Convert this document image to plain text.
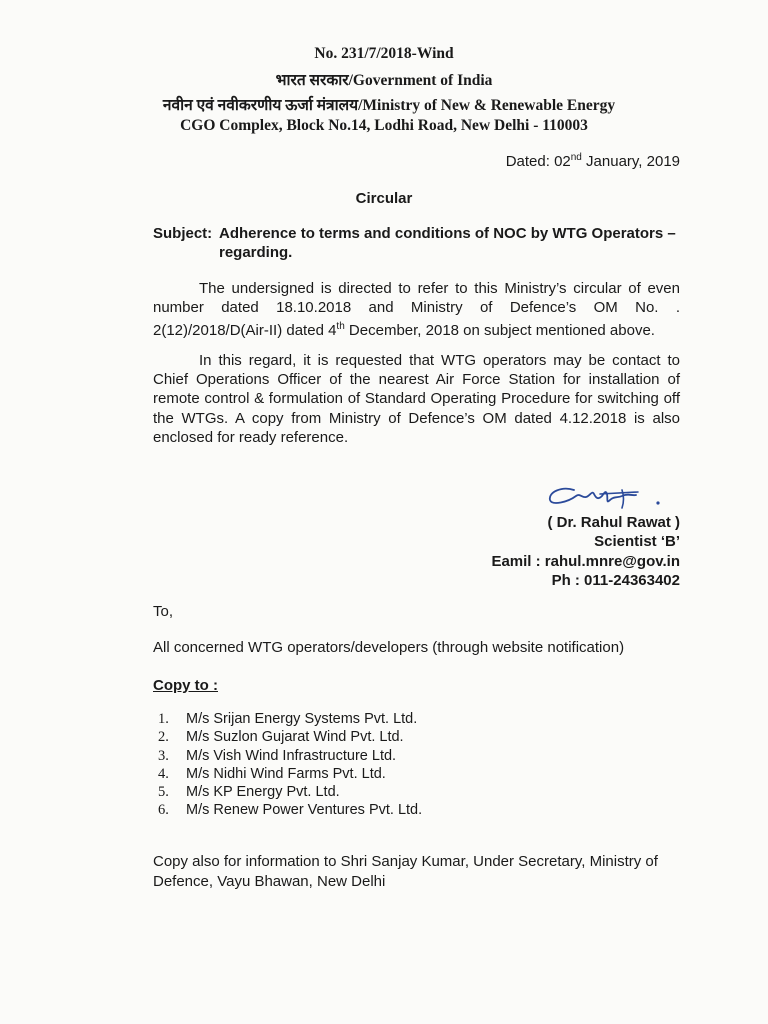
No. 231/7/2018-Wind
भारत सरकार/Government of India
नवीन एवं नवीकरणीय ऊर्जा मंत्रालय/Ministry of New & Renewable Energy
CGO Complex, Block No.14, Lodhi Road, New Delhi - 110003
Dated: 02nd January, 2019
Circular
Subject: Adherence to terms and conditions of NOC by WTG Operators –
regarding.
The undersigned is directed to refer to this Ministry’s circular of even number dated 18.10.2018 and Ministry of Defence’s OM No. . 2(12)/2018/D(Air-II) dated 4th December, 2018 on subject mentioned above.
In this regard, it is requested that WTG operators may be contact to Chief Operations Officer of the nearest Air Force Station for installation of remote control & formulation of Standard Operating Procedure for switching off the WTGs. A copy from Ministry of Defence’s OM dated 4.12.2018 is also enclosed for ready reference.
( Dr. Rahul Rawat )
Scientist ‘B’
Eamil : rahul.mnre@gov.in
Ph : 011-24363402
To,
All concerned WTG operators/developers (through website notification)
Copy to :
1. M/s Srijan Energy Systems Pvt. Ltd.
2. M/s Suzlon Gujarat Wind Pvt. Ltd.
3. M/s Vish Wind Infrastructure Ltd.
4. M/s Nidhi Wind Farms Pvt. Ltd.
5. M/s KP Energy Pvt. Ltd.
6. M/s Renew Power Ventures Pvt. Ltd.
Copy also for information to Shri Sanjay Kumar, Under Secretary, Ministry of Defence, Vayu Bhawan, New Delhi
